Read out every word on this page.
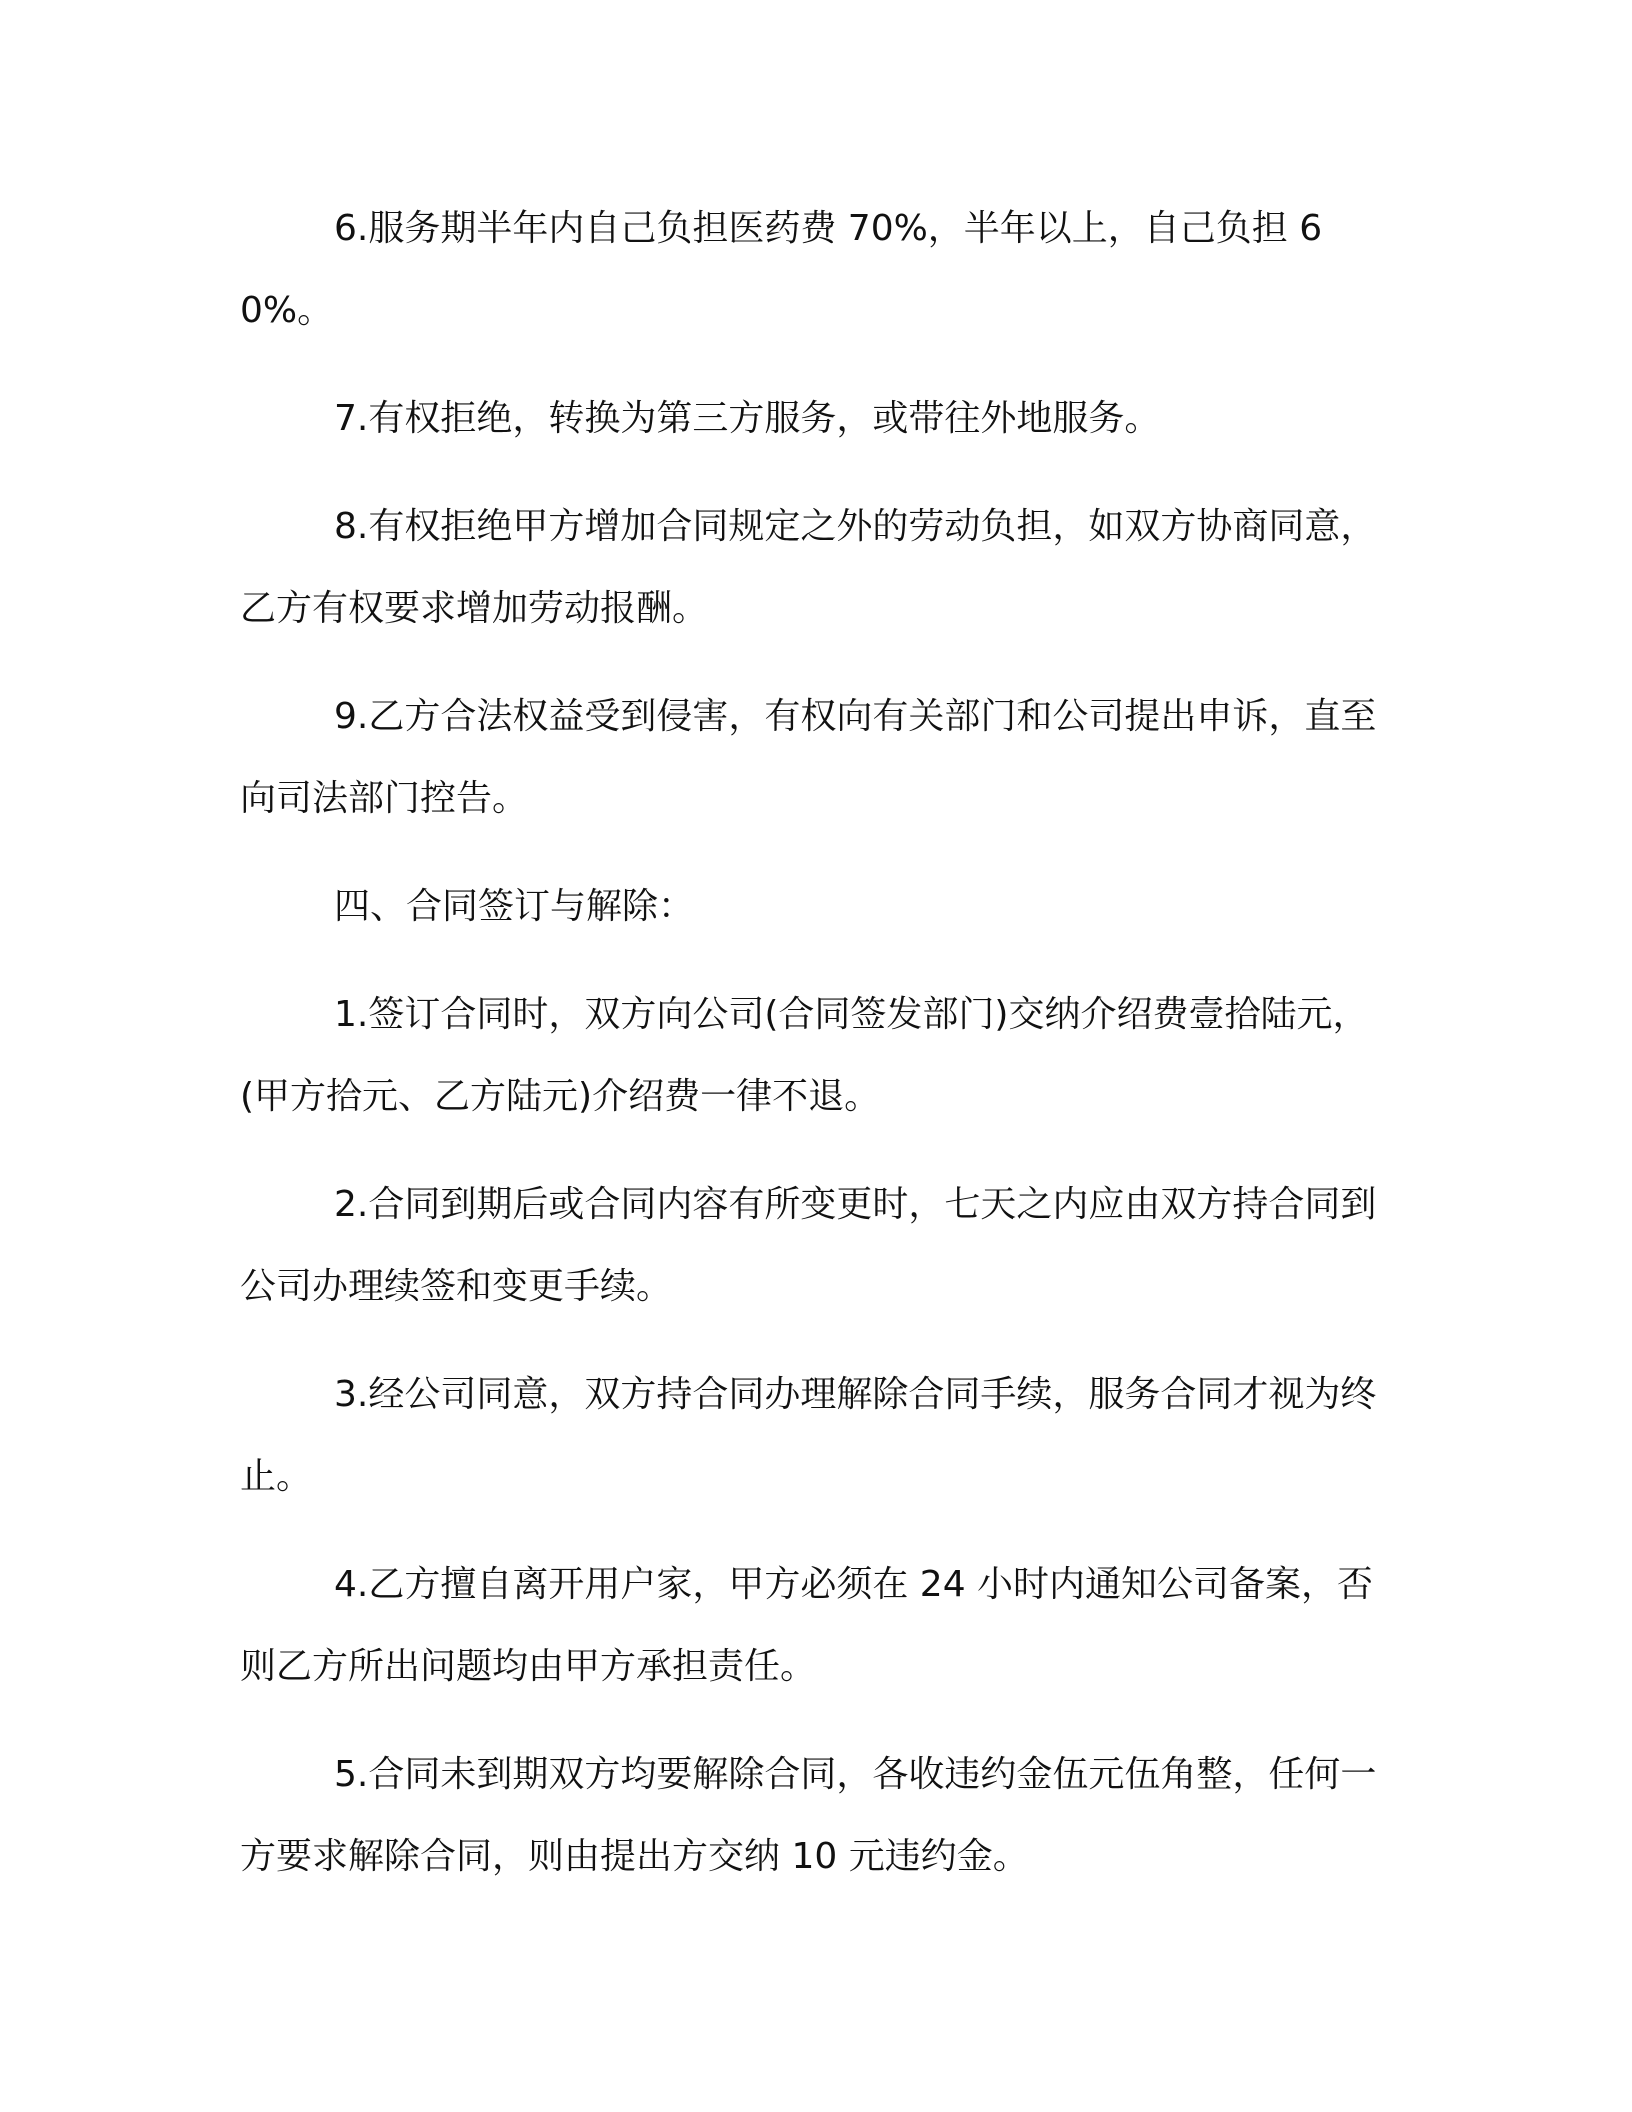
6.服务期半年内自己负担医药费 70%，半年以上，自己负担 60%。

7.有权拒绝，转换为第三方服务，或带往外地服务。

8.有权拒绝甲方增加合同规定之外的劳动负担，如双方协商同意，乙方有权要求增加劳动报酬。

9.乙方合法权益受到侵害，有权向有关部门和公司提出申诉，直至向司法部门控告。

四、合同签订与解除：

1.签订合同时，双方向公司(合同签发部门)交纳介绍费壹拾陆元，(甲方拾元、乙方陆元)介绍费一律不退。

2.合同到期后或合同内容有所变更时，七天之内应由双方持合同到公司办理续签和变更手续。

3.经公司同意，双方持合同办理解除合同手续，服务合同才视为终止。

4.乙方擅自离开用户家，甲方必须在 24 小时内通知公司备案，否则乙方所出问题均由甲方承担责任。

5.合同未到期双方均要解除合同，各收违约金伍元伍角整，任何一方要求解除合同，则由提出方交纳 10 元违约金。
